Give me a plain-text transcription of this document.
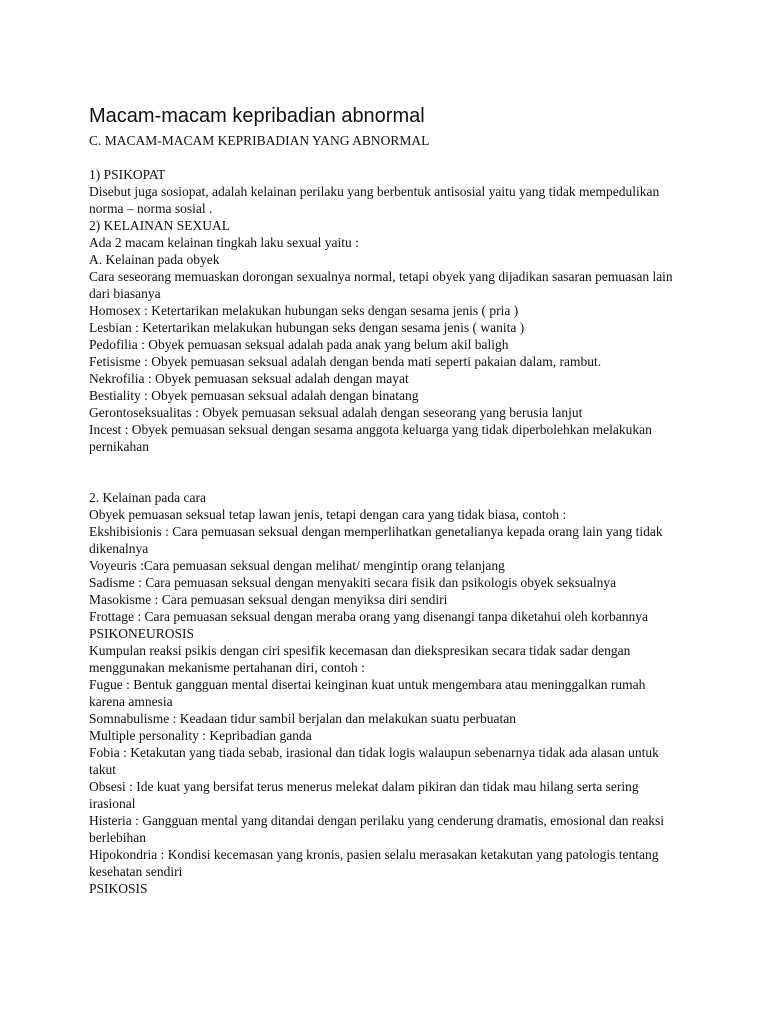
Macam-macam kepribadian abnormal

C. MACAM-MACAM KEPRIBADIAN YANG ABNORMAL

1) PSIKOPAT

Disebut juga sosiopat, adalah kelainan perilaku yang berbentuk antisosial yaitu yang tidak mempedulikan norma – norma sosial .

2) KELAINAN SEXUAL

Ada 2 macam kelainan tingkah laku sexual yaitu :

A. Kelainan pada obyek

Cara seseorang memuaskan dorongan sexualnya normal, tetapi obyek yang dijadikan sasaran pemuasan lain dari biasanya

Homosex : Ketertarikan melakukan hubungan seks dengan sesama jenis ( pria )

Lesbian : Ketertarikan melakukan hubungan seks dengan sesama jenis ( wanita )

Pedofilia : Obyek pemuasan seksual adalah pada anak yang belum akil baligh

Fetisisme : Obyek pemuasan seksual adalah dengan benda mati seperti pakaian dalam, rambut.

Nekrofilia : Obyek pemuasan seksual adalah dengan mayat

Bestiality : Obyek pemuasan seksual adalah dengan binatang

Gerontoseksualitas : Obyek pemuasan seksual adalah dengan seseorang yang berusia lanjut

Incest : Obyek pemuasan seksual dengan sesama anggota keluarga yang tidak diperbolehkan melakukan pernikahan

2. Kelainan pada cara

Obyek pemuasan seksual tetap lawan jenis, tetapi dengan cara yang tidak biasa, contoh :

Ekshibisionis : Cara pemuasan seksual dengan memperlihatkan genetalianya kepada orang lain yang tidak dikenalnya

Voyeuris :Cara pemuasan seksual dengan melihat/ mengintip orang telanjang

Sadisme : Cara pemuasan seksual dengan menyakiti secara fisik dan psikologis obyek seksualnya

Masokisme : Cara pemuasan seksual dengan menyiksa diri sendiri

Frottage : Cara pemuasan seksual dengan meraba orang yang disenangi tanpa diketahui oleh korbannya

PSIKONEUROSIS

Kumpulan reaksi psikis dengan ciri spesifik kecemasan dan diekspresikan secara tidak sadar dengan menggunakan mekanisme pertahanan diri, contoh :

Fugue : Bentuk gangguan mental disertai keinginan kuat untuk mengembara atau meninggalkan rumah karena amnesia

Somnabulisme : Keadaan tidur sambil berjalan dan melakukan suatu perbuatan

Multiple personality : Kepribadian ganda

Fobia : Ketakutan yang tiada sebab, irasional dan tidak logis walaupun sebenarnya tidak ada alasan untuk takut

Obsesi : Ide kuat yang bersifat terus menerus melekat dalam pikiran dan tidak mau hilang serta sering irasional

Histeria : Gangguan mental yang ditandai dengan perilaku yang cenderung dramatis, emosional dan reaksi berlebihan

Hipokondria : Kondisi kecemasan yang kronis, pasien selalu merasakan ketakutan yang patologis tentang kesehatan sendiri

PSIKOSIS
